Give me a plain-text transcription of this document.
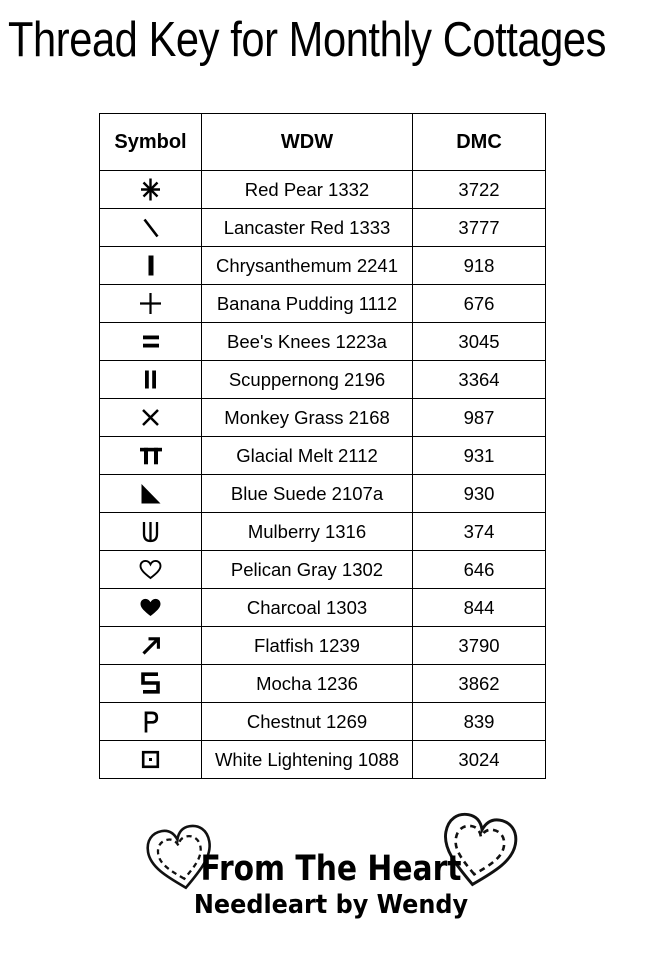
Thread Key for Monthly Cottages
Symbol	WDW	DMC

	Red Pear 1332	3722

	Lancaster Red 1333	3777

	Chrysanthemum 2241	918

	Banana Pudding 1112	676

	Bee's Knees 1223a	3045

	Scuppernong 2196	3364

	Monkey Grass 2168	987

	Glacial Melt 2112	931

	Blue Suede 2107a	930

	Mulberry 1316	374

	Pelican Gray 1302	646

	Charcoal 1303	844

	Flatfish 1239	3790

	Mocha 1236	3862

	Chestnut 1269	839

	White Lightening 1088	3024
From The Heart
Needleart by Wendy
